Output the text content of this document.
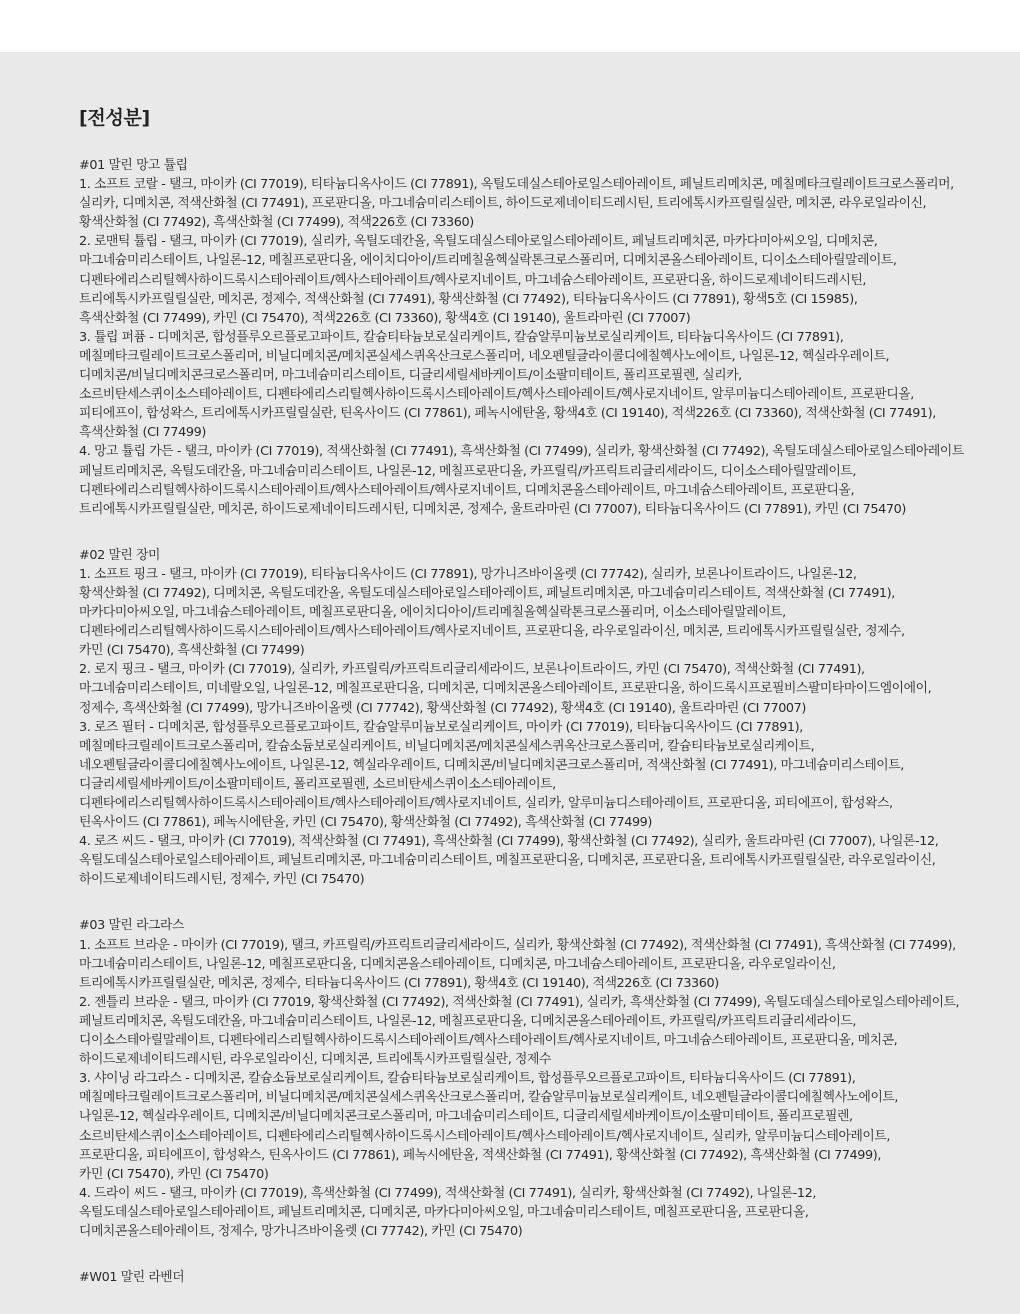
[전성분]
#01 말린 망고 튤립
1. 소프트 코랄 - 탤크, 마이카 (CI 77019), 티타늄디옥사이드 (CI 77891), 옥틸도데실스테아로일스테아레이트, 페닐트리메치콘, 메칠메타크릴레이트크로스폴리머,
실리카, 디메치콘, 적색산화철 (CI 77491), 프로판디올, 마그네슘미리스테이트, 하이드로제네이티드레시틴, 트리에톡시카프릴릴실란, 메치콘, 라우로일라이신,
황색산화철 (CI 77492), 흑색산화철 (CI 77499), 적색226호 (CI 73360)
2. 로맨틱 튤립 - 탤크, 마이카 (CI 77019), 실리카, 옥틸도데칸올, 옥틸도데실스테아로일스테아레이트, 페닐트리메치콘, 마카다미아씨오일, 디메치콘,
마그네슘미리스테이트, 나일론-12, 메칠프로판디올, 에이치디아이/트리메칠올헥실락톤크로스폴리머, 디메치콘올스테아레이트, 디이소스테아릴말레이트,
디펜타에리스리틸헥사하이드록시스테아레이트/헥사스테아레이트/헥사로지네이트, 마그네슘스테아레이트, 프로판디올, 하이드로제네이티드레시틴,
트리에톡시카프릴릴실란, 메치콘, 정제수, 적색산화철 (CI 77491), 황색산화철 (CI 77492), 티타늄디옥사이드 (CI 77891), 황색5호 (CI 15985),
흑색산화철 (CI 77499), 카민 (CI 75470), 적색226호 (CI 73360), 황색4호 (CI 19140), 울트라마린 (CI 77007)
3. 튤립 퍼퓸 - 디메치콘, 합성플루오르플로고파이트, 칼슘티타늄보로실리케이트, 칼슘알루미늄보로실리케이트, 티타늄디옥사이드 (CI 77891),
메칠메타크릴레이트크로스폴리머, 비닐디메치콘/메치콘실세스퀴옥산크로스폴리머, 네오펜틸글라이콜디에칠헥사노에이트, 나일론-12, 헥실라우레이트,
디메치콘/비닐디메치콘크로스폴리머, 마그네슘미리스테이트, 디글리세릴세바케이트/이소팔미테이트, 폴리프로필렌, 실리카,
소르비탄세스퀴이소스테아레이트, 디펜타에리스리틸헥사하이드록시스테아레이트/헥사스테아레이트/헥사로지네이트, 알루미늄디스테아레이트, 프로판디올,
피티에프이, 합성왁스, 트리에톡시카프릴릴실란, 틴옥사이드 (CI 77861), 페녹시에탄올, 황색4호 (CI 19140), 적색226호 (CI 73360), 적색산화철 (CI 77491),
흑색산화철 (CI 77499)
4. 망고 튤립 가든 - 탤크, 마이카 (CI 77019), 적색산화철 (CI 77491), 흑색산화철 (CI 77499), 실리카, 황색산화철 (CI 77492), 옥틸도데실스테아로일스테아레이트
페닐트리메치콘, 옥틸도데칸올, 마그네슘미리스테이트, 나일론-12, 메칠프로판디올, 카프릴릭/카프릭트리글리세라이드, 디이소스테아릴말레이트,
디펜타에리스리틸헥사하이드록시스테아레이트/헥사스테아레이트/헥사로지네이트, 디메치콘올스테아레이트, 마그네슘스테아레이트, 프로판디올,
트리에톡시카프릴릴실란, 메치콘, 하이드로제네이티드레시틴, 디메치콘, 정제수, 울트라마린 (CI 77007), 티타늄디옥사이드 (CI 77891), 카민 (CI 75470)
#02 말린 장미
1. 소프트 핑크 - 탤크, 마이카 (CI 77019), 티타늄디옥사이드 (CI 77891), 망가니즈바이올렛 (CI 77742), 실리카, 보론나이트라이드, 나일론-12,
황색산화철 (CI 77492), 디메치콘, 옥틸도데칸올, 옥틸도데실스테아로일스테아레이트, 페닐트리메치콘, 마그네슘미리스테이트, 적색산화철 (CI 77491),
마카다미아씨오일, 마그네슘스테아레이트, 메칠프로판디올, 에이치디아이/트리메칠올헥실락톤크로스폴리머, 이소스테아릴말레이트,
디펜타에리스리틸헥사하이드록시스테아레이트/헥사스테아레이트/헥사로지네이트, 프로판디올, 라우로일라이신, 메치콘, 트리에톡시카프릴릴실란, 정제수,
카민 (CI 75470), 흑색산화철 (CI 77499)
2. 로지 핑크 - 탤크, 마이카 (CI 77019), 실리카, 카프릴릭/카프릭트리글리세라이드, 보론나이트라이드, 카민 (CI 75470), 적색산화철 (CI 77491),
마그네슘미리스테이트, 미네랄오일, 나일론-12, 메칠프로판디올, 디메치콘, 디메치콘올스테아레이트, 프로판디올, 하이드록시프로필비스팔미타마이드엠이에이,
정제수, 흑색산화철 (CI 77499), 망가니즈바이올렛 (CI 77742), 황색산화철 (CI 77492), 황색4호 (CI 19140), 울트라마린 (CI 77007)
3. 로즈 필터 - 디메치콘, 합성플루오르플로고파이트, 칼슘알루미늄보로실리케이트, 마이카 (CI 77019), 티타늄디옥사이드 (CI 77891),
메칠메타크릴레이트크로스폴리머, 칼슘소듐보로실리케이트, 비닐디메치콘/메치콘실세스퀴옥산크로스폴리머, 칼슘티타늄보로실리케이트,
네오펜틸글라이콜디에칠헥사노에이트, 나일론-12, 헥실라우레이트, 디메치콘/비닐디메치콘크로스폴리머, 적색산화철 (CI 77491), 마그네슘미리스테이트,
디글리세릴세바케이트/이소팔미테이트, 폴리프로필렌, 소르비탄세스퀴이소스테아레이트,
디펜타에리스리틸헥사하이드록시스테아레이트/헥사스테아레이트/헥사로지네이트, 실리카, 알루미늄디스테아레이트, 프로판디올, 피티에프이, 합성왁스,
틴옥사이드 (CI 77861), 페녹시에탄올, 카민 (CI 75470), 황색산화철 (CI 77492), 흑색산화철 (CI 77499)
4. 로즈 씨드 - 탤크, 마이카 (CI 77019), 적색산화철 (CI 77491), 흑색산화철 (CI 77499), 황색산화철 (CI 77492), 실리카, 울트라마린 (CI 77007), 나일론-12,
옥틸도데실스테아로일스테아레이트, 페닐트리메치콘, 마그네슘미리스테이트, 메칠프로판디올, 디메치콘, 프로판디올, 트리에톡시카프릴릴실란, 라우로일라이신,
하이드로제네이티드레시틴, 정제수, 카민 (CI 75470)
#03 말린 라그라스
1. 소프트 브라운 - 마이카 (CI 77019), 탤크, 카프릴릭/카프릭트리글리세라이드, 실리카, 황색산화철 (CI 77492), 적색산화철 (CI 77491), 흑색산화철 (CI 77499),
마그네슘미리스테이트, 나일론-12, 메칠프로판디올, 디메치콘올스테아레이트, 디메치콘, 마그네슘스테아레이트, 프로판디올, 라우로일라이신,
트리에톡시카프릴릴실란, 메치콘, 정제수, 티타늄디옥사이드 (CI 77891), 황색4호 (CI 19140), 적색226호 (CI 73360)
2. 젠틀리 브라운 - 탤크, 마이카 (CI 77019, 황색산화철 (CI 77492), 적색산화철 (CI 77491), 실리카, 흑색산화철 (CI 77499), 옥틸도데실스테아로일스테아레이트,
페닐트리메치콘, 옥틸도데칸올, 마그네슘미리스테이트, 나일론-12, 메칠프로판디올, 디메치콘올스테아레이트, 카프릴릭/카프릭트리글리세라이드,
디이소스테아릴말레이트, 디펜타에리스리틸헥사하이드록시스테아레이트/헥사스테아레이트/헥사로지네이트, 마그네슘스테아레이트, 프로판디올, 메치콘,
하이드로제네이티드레시틴, 라우로일라이신, 디메치콘, 트리에톡시카프릴릴실란, 정제수
3. 샤이닝 라그라스 - 디메치콘, 칼슘소듐보로실리케이트, 칼슘티타늄보로실리케이트, 합성플루오르플로고파이트, 티타늄디옥사이드 (CI 77891),
메칠메타크릴레이트크로스폴리머, 비닐디메치콘/메치콘실세스퀴옥산크로스폴리머, 칼슘알루미늄보로실리케이트, 네오펜틸글라이콜디에칠헥사노에이트,
나일론-12, 헥실라우레이트, 디메치콘/비닐디메치콘크로스폴리머, 마그네슘미리스테이트, 디글리세릴세바케이트/이소팔미테이트, 폴리프로필렌,
소르비탄세스퀴이소스테아레이트, 디펜타에리스리틸헥사하이드록시스테아레이트/헥사스테아레이트/헥사로지네이트, 실리카, 알루미늄디스테아레이트,
프로판디올, 피티에프이, 합성왁스, 틴옥사이드 (CI 77861), 페녹시에탄올, 적색산화철 (CI 77491), 황색산화철 (CI 77492), 흑색산화철 (CI 77499),
카민 (CI 75470), 카민 (CI 75470)
4. 드라이 씨드 - 탤크, 마이카 (CI 77019), 흑색산화철 (CI 77499), 적색산화철 (CI 77491), 실리카, 황색산화철 (CI 77492), 나일론-12,
옥틸도데실스테아로일스테아레이트, 페닐트리메치콘, 디메치콘, 마카다미아씨오일, 마그네슘미리스테이트, 메칠프로판디올, 프로판디올,
디메치콘올스테아레이트, 정제수, 망가니즈바이올렛 (CI 77742), 카민 (CI 75470)
#W01 말린 라벤더
